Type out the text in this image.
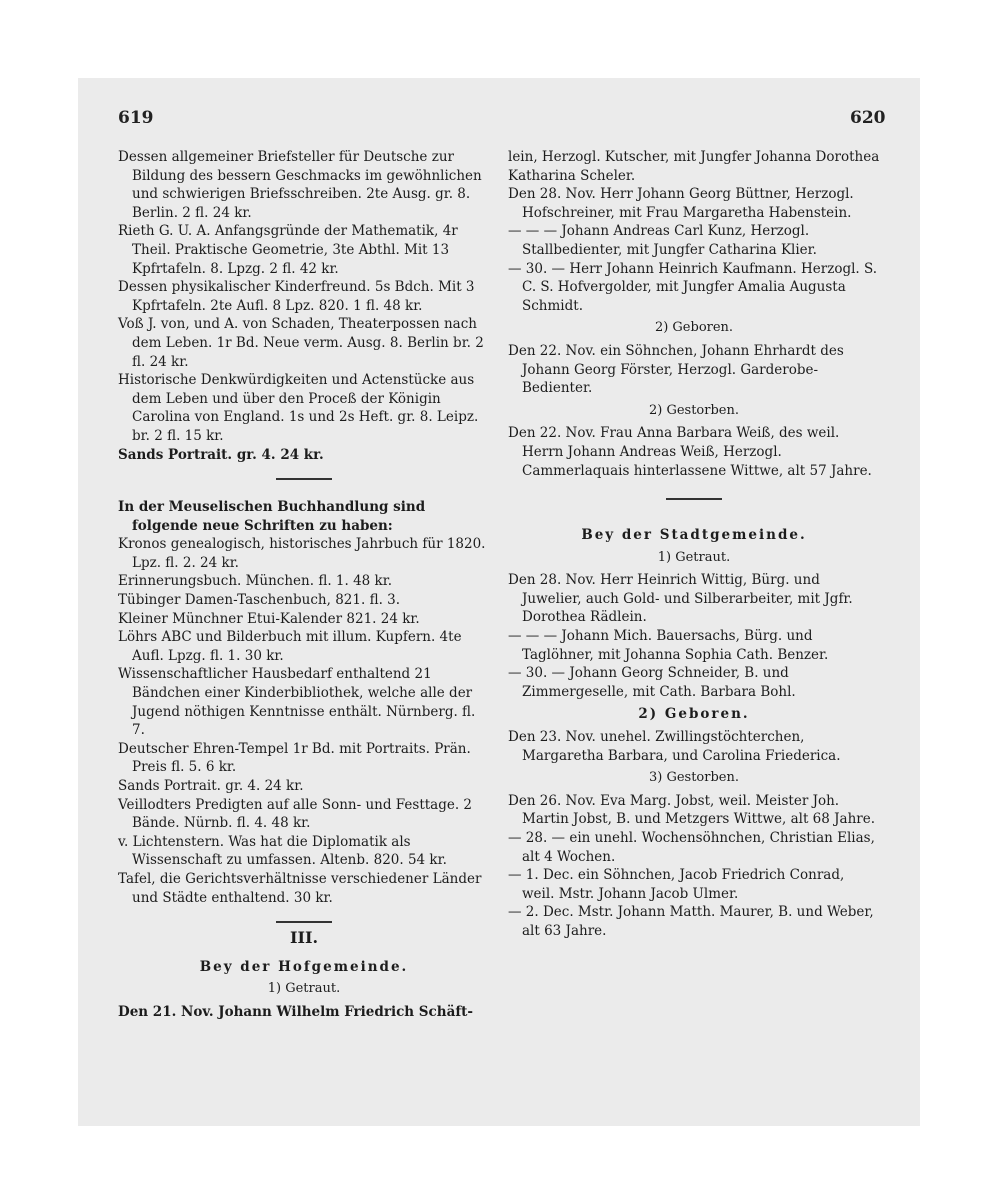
619	620

Dessen allgemeiner Briefsteller für Deutsche zur Bildung des bessern Geschmacks im gewöhnlichen und schwierigen Briefsschreiben. 2te Ausg. gr. 8. Berlin. 2 fl. 24 kr.

Rieth G. U. A. Anfangsgründe der Mathematik, 4r Theil. Praktische Geometrie, 3te Abthl. Mit 13 Kpfrtafeln. 8. Lpzg. 2 fl. 42 kr.

Dessen physikalischer Kinderfreund. 5s Bdch. Mit 3 Kpfrtafeln. 2te Aufl. 8 Lpz. 820. 1 fl. 48 kr.

Voß J. von, und A. von Schaden, Theaterpossen nach dem Leben. 1r Bd. Neue verm. Ausg. 8. Berlin br. 2 fl. 24 kr.

Historische Denkwürdigkeiten und Actenstücke aus dem Leben und über den Proceß der Königin Carolina von England. 1s und 2s Heft. gr. 8. Leipz. br. 2 fl. 15 kr.

Sands Portrait. gr. 4. 24 kr.

In der Meuselischen Buchhandlung sind folgende neue Schriften zu haben:

Kronos genealogisch, historisches Jahrbuch für 1820. Lpz. fl. 2. 24 kr.

Erinnerungsbuch. München. fl. 1. 48 kr.

Tübinger Damen-Taschenbuch, 821. fl. 3.

Kleiner Münchner Etui-Kalender 821. 24 kr.

Löhrs ABC und Bilderbuch mit illum. Kupfern. 4te Aufl. Lpzg. fl. 1. 30 kr.

Wissenschaftlicher Hausbedarf enthaltend 21 Bändchen einer Kinderbibliothek, welche alle der Jugend nöthigen Kenntnisse enthält. Nürnberg. fl. 7.

Deutscher Ehren-Tempel 1r Bd. mit Portraits. Prän. Preis fl. 5. 6 kr.

Sands Portrait. gr. 4. 24 kr.

Veillodters Predigten auf alle Sonn- und Festtage. 2 Bände. Nürnb. fl. 4. 48 kr.

v. Lichtenstern. Was hat die Diplomatik als Wissenschaft zu umfassen. Altenb. 820. 54 kr.

Tafel, die Gerichtsverhältnisse verschiedener Länder und Städte enthaltend. 30 kr.

III.

Bey der Hofgemeinde.

1) Getraut.

Den 21. Nov. Johann Wilhelm Friedrich Schäft-

lein, Herzogl. Kutscher, mit Jungfer Johanna Dorothea Katharina Scheler.

Den 28. Nov. Herr Johann Georg Büttner, Herzogl. Hofschreiner, mit Frau Margaretha Habenstein.

— — — Johann Andreas Carl Kunz, Herzogl. Stallbedienter, mit Jungfer Catharina Klier.

— 30. — Herr Johann Heinrich Kaufmann. Herzogl. S. C. S. Hofvergolder, mit Jungfer Amalia Augusta Schmidt.

2) Geboren.

Den 22. Nov. ein Söhnchen, Johann Ehrhardt des Johann Georg Förster, Herzogl. Garderobe-Bedienter.

2) Gestorben.

Den 22. Nov. Frau Anna Barbara Weiß, des weil. Herrn Johann Andreas Weiß, Herzogl. Cammerlaquais hinterlassene Wittwe, alt 57 Jahre.

Bey der Stadtgemeinde.

1) Getraut.

Den 28. Nov. Herr Heinrich Wittig, Bürg. und Juwelier, auch Gold- und Silberarbeiter, mit Jgfr. Dorothea Rädlein.

— — — Johann Mich. Bauersachs, Bürg. und Taglöhner, mit Johanna Sophia Cath. Benzer.

— 30. — Johann Georg Schneider, B. und Zimmergeselle, mit Cath. Barbara Bohl.

2) Geboren.

Den 23. Nov. unehel. Zwillingstöchterchen, Margaretha Barbara, und Carolina Friederica.

3) Gestorben.

Den 26. Nov. Eva Marg. Jobst, weil. Meister Joh. Martin Jobst, B. und Metzgers Wittwe, alt 68 Jahre.

— 28. — ein unehl. Wochensöhnchen, Christian Elias, alt 4 Wochen.

— 1. Dec. ein Söhnchen, Jacob Friedrich Conrad, weil. Mstr. Johann Jacob Ulmer.

— 2. Dec. Mstr. Johann Matth. Maurer, B. und Weber, alt 63 Jahre.
